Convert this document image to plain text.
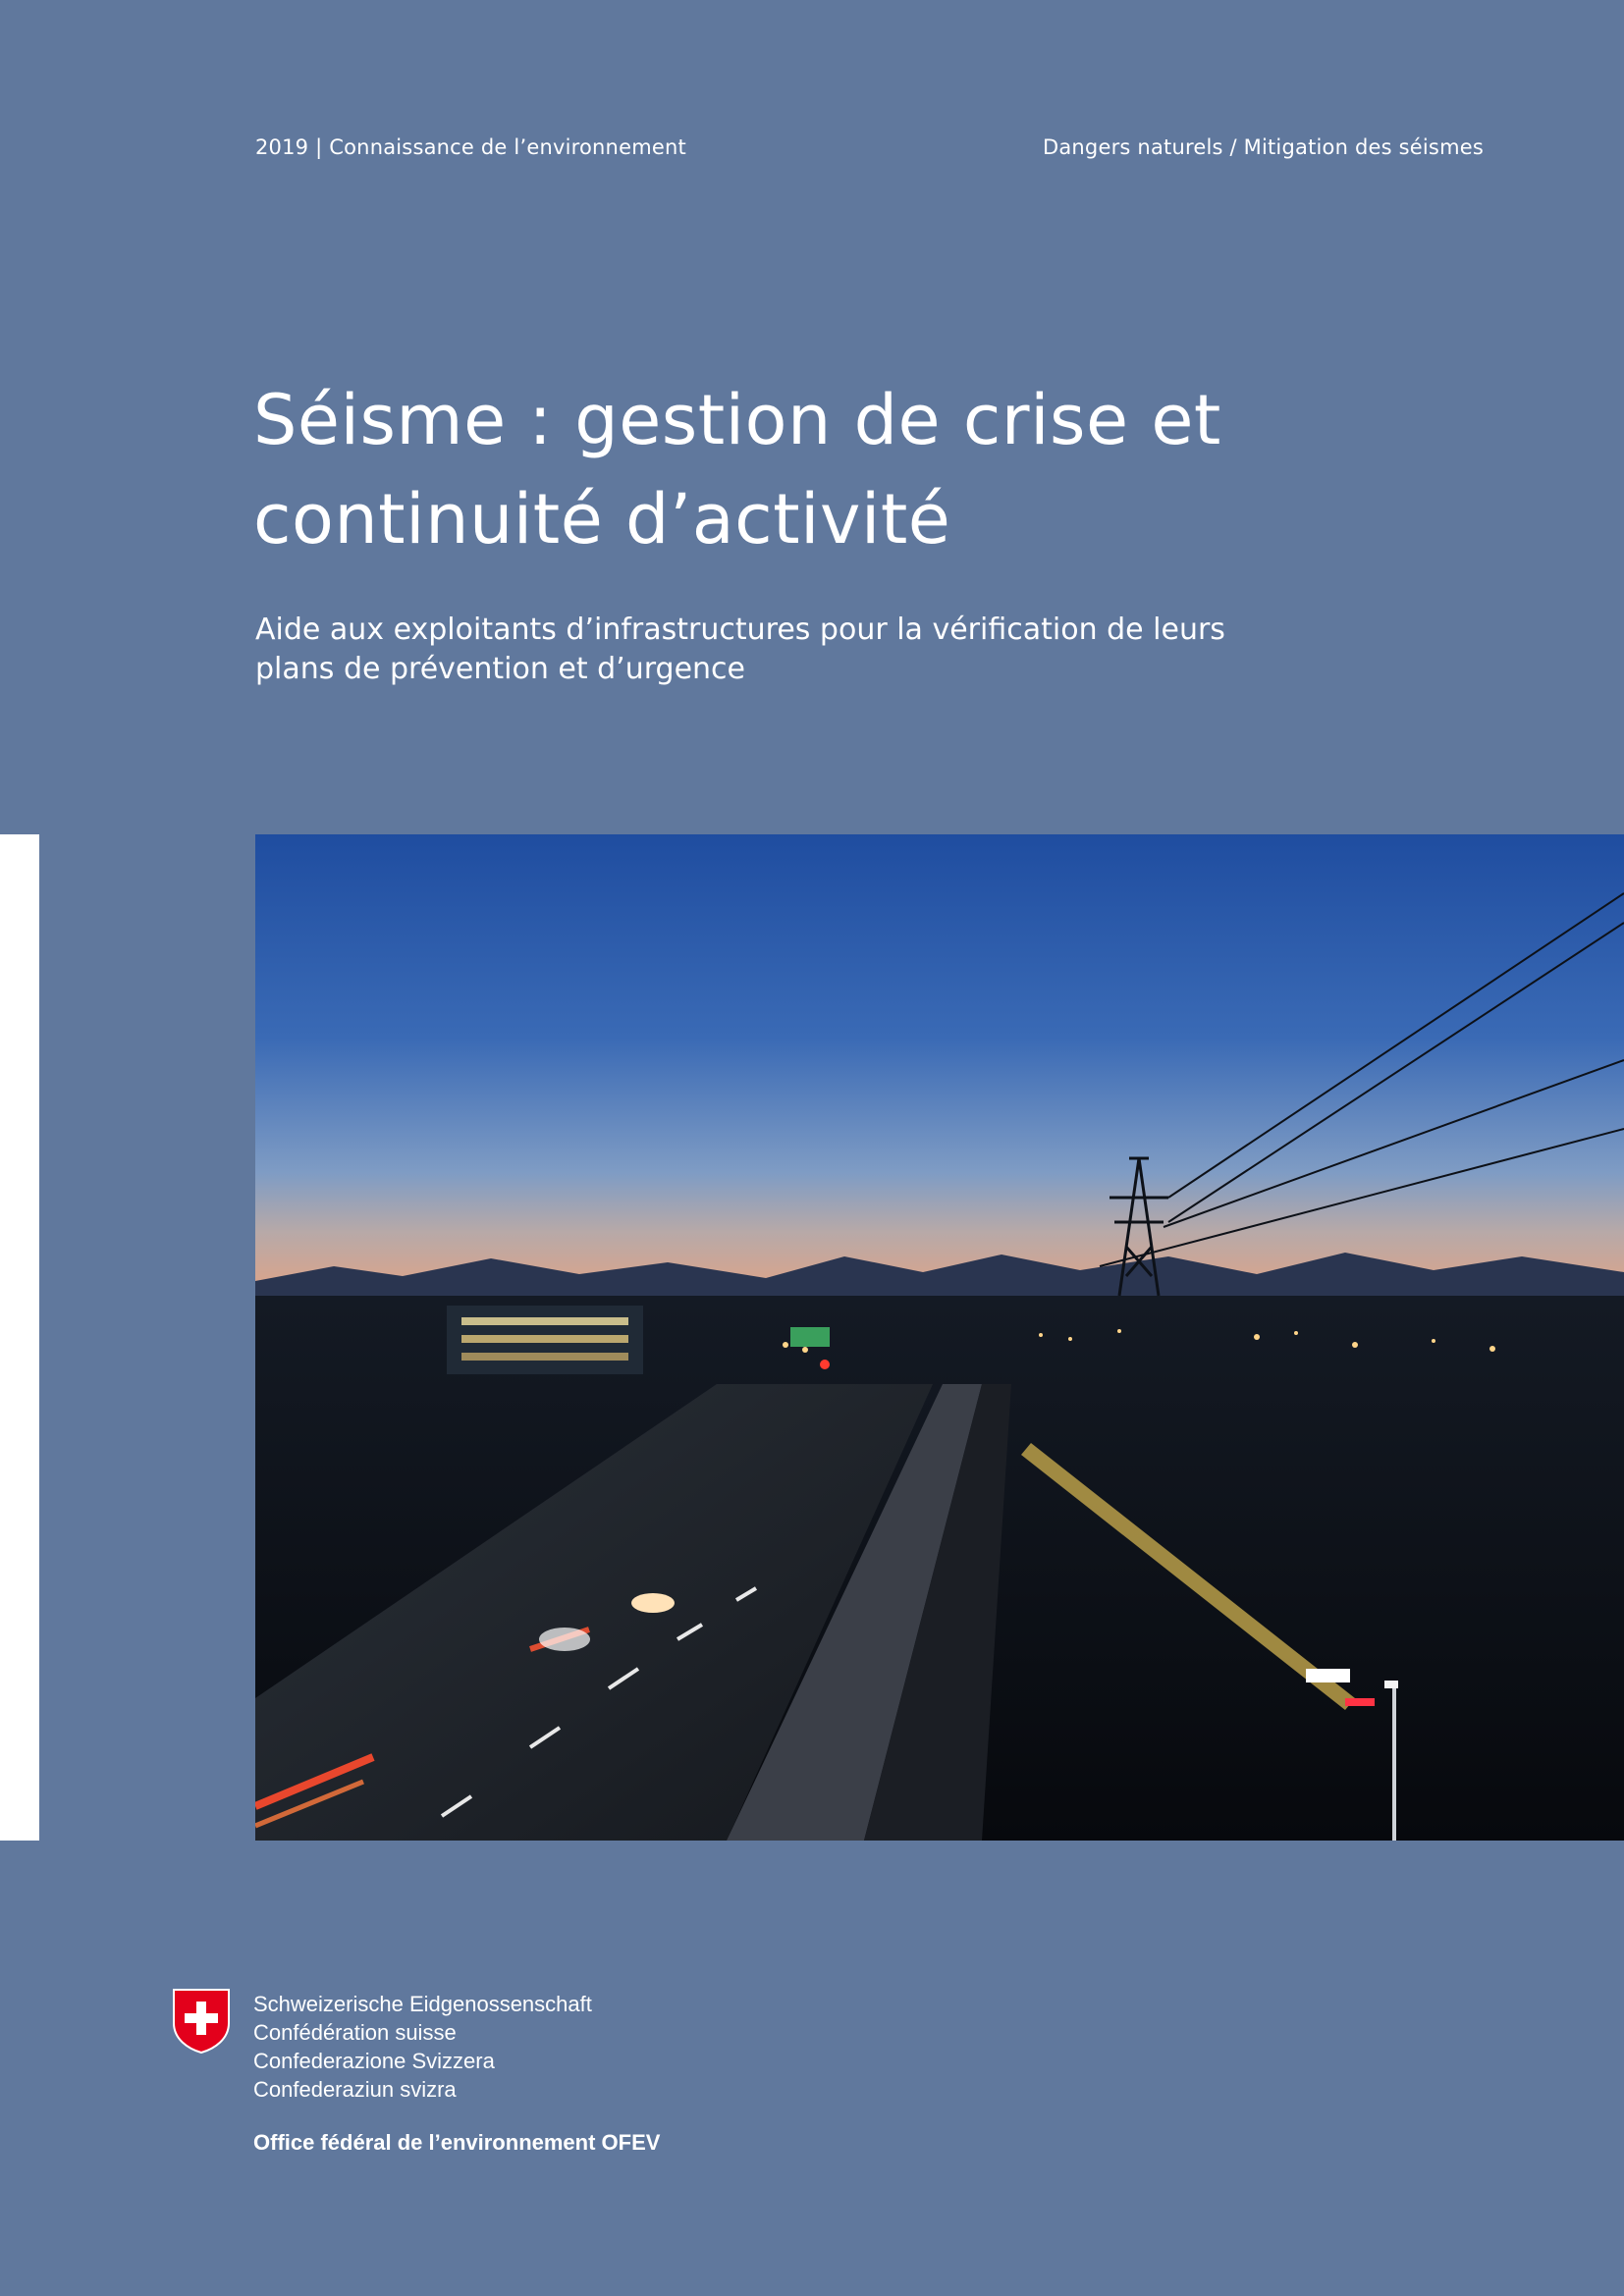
2019 | Connaissance de l’environnement	Dangers naturels / Mitigation des séismes
Séisme : gestion de crise et
continuité d’activité
Aide aux exploitants d’infrastructures pour la vérification de leurs
plans de prévention et d’urgence
Schweizerische Eidgenossenschaft
Confédération suisse
Confederazione Svizzera
Confederaziun svizra
Office fédéral de l’environnement OFEV
